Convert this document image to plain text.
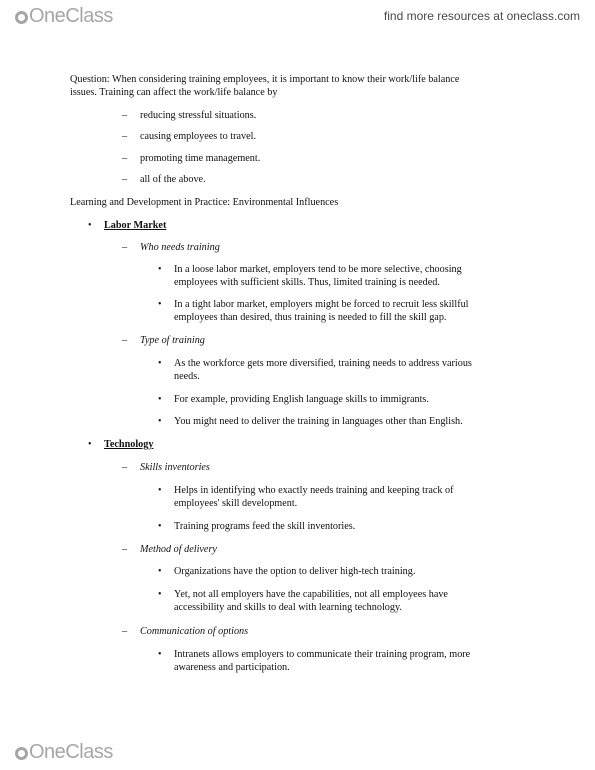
OneClass	find more resources at oneclass.com
Question: When considering training employees, it is important to know their work/life balance
issues. Training can affect the work/life balance by
– reducing stressful situations.
– causing employees to travel.
– promoting time management.
– all of the above.
Learning and Development in Practice: Environmental Influences
• Labor Market
– Who needs training
• In a loose labor market, employers tend to be more selective, choosing
employees with sufficient skills. Thus, limited training is needed.
• In a tight labor market, employers might be forced to recruit less skillful
employees than desired, thus training is needed to fill the skill gap.
– Type of training
• As the workforce gets more diversified, training needs to address various
needs.
• For example, providing English language skills to immigrants.
• You might need to deliver the training in languages other than English.
• Technology
– Skills inventories
• Helps in identifying who exactly needs training and keeping track of
employees' skill development.
• Training programs feed the skill inventories.
– Method of delivery
• Organizations have the option to deliver high-tech training.
• Yet, not all employers have the capabilities, not all employees have
accessibility and skills to deal with learning technology.
– Communication of options
• Intranets allows employers to communicate their training program, more
awareness and participation.
OneClass
